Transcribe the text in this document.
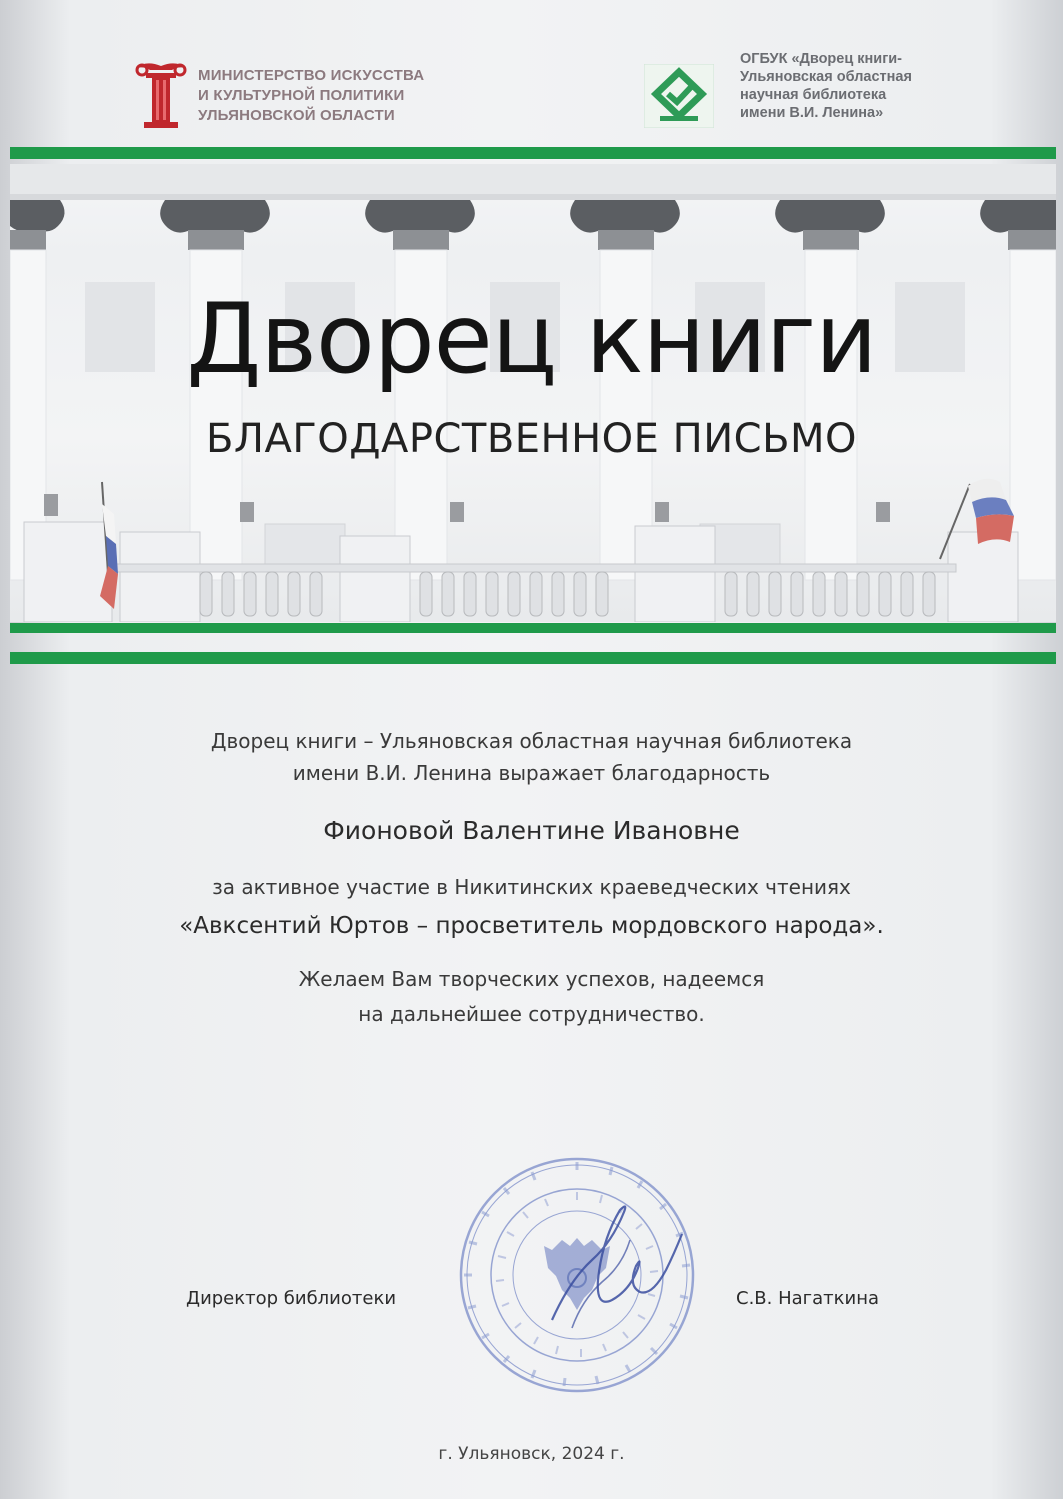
МИНИСТЕРСТВО ИСКУССТВА
И КУЛЬТУРНОЙ ПОЛИТИКИ
УЛЬЯНОВСКОЙ ОБЛАСТИ
ОГБУК «Дворец книги-
Ульяновская областная
научная библиотека
имени В.И. Ленина»
Дворец книги
БЛАГОДАРСТВЕННОЕ ПИСЬМО
Дворец книги – Ульяновская областная научная библиотека
имени В.И. Ленина выражает благодарность
Фионовой Валентине Ивановне
за активное участие в Никитинских краеведческих чтениях
«Авксентий Юртов – просветитель мордовского народа».
Желаем Вам творческих успехов, надеемся
на дальнейшее сотрудничество.
Директор библиотеки	С.В. Нагаткина
г. Ульяновск, 2024 г.
